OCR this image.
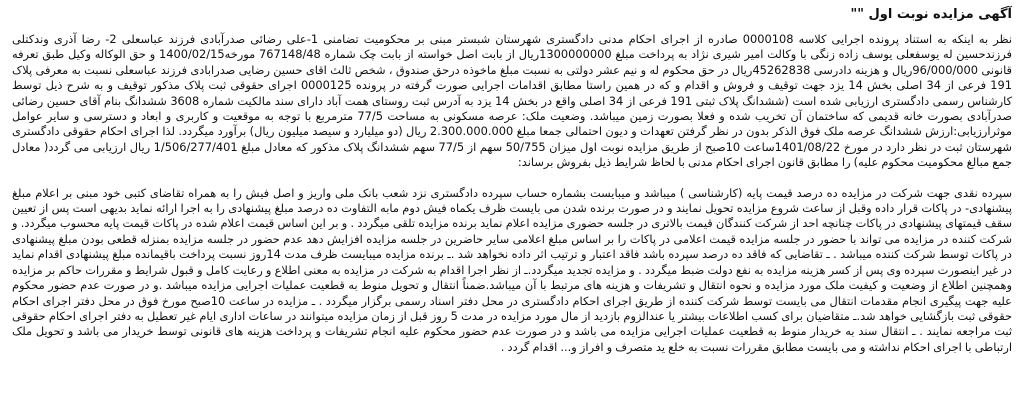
آگهی مزایده نوبت اول ""

نظر به اینکه به استناد پرونده اجرایی کلاسه 0000108 صادره از اجرای احکام مدنی دادگستری شهرستان شبستر مبنی بر محکومیت تضامنی 1-علی رضائی صدرآبادی فرزند عباسعلی 2- رضا آذری وندکتلی فرزندحسین له یوسفعلی یوسف زاده زنگی با وکالت امیر شیری نژاد به پرداخت مبلغ 1300000000ریال از بابت اصل خواسته از بابت چک شماره 767148/48 مورخه1400/02/15 و حق الوکاله وکیل طبق تعرفه قانونی 96/000/000ریال و هزینه دادرسی 45262838ریال در حق محکوم له و نیم عشر دولتی به نسبت مبلغ ماخوذه درحق صندوق ، شخص ثالث اقای حسین رضایی صدرابادی فرزند عباسعلی نسبت به معرفی پلاک 191 فرعی از 34 اصلی بخش 14 یزد جهت توقیف و فروش و اقدام و که در همین راستا مطابق اقدامات اجرایی صورت گرفته در پرونده 0000125 اجرای حقوقی ثبت پلاک مذکور توقیف و به شرح ذیل توسط کارشناس رسمی دادگستری ارزیابی شده است (ششدانگ پلاک ثبتی 191 فرعی از 34 اصلی واقع در بخش 14 یزد به آدرس ثبت روستای همت آباد دارای سند مالکیت شماره 3608 ششدانگ بنام آقای حسین رضائی صدرآبادی بصورت خانه قدیمی که ساختمان آن تخریب شده و فعلا بصورت زمین میباشد. وضعیت ملک: عرصه مسکونی به مساحت 77/5 مترمربع با توجه به موقعیت و کاربری و ابعاد و دسترسی و سایر عوامل موثرارزیابی:ارزش ششدانگ عرصه ملک فوق الذکر بدون در نظر گرفتن تعهدات و دیون احتمالی جمعا مبلغ 2.300.000.000 ریال (دو میلیارد و سیصد میلیون ریال) برآورد میگردد. لذا اجرای احکام حقوقی دادگستری شهرستان ثبت در نظر دارد در مورخ 1401/08/22ساعت 10صبح از طریق مزایده نوبت اول میزان 50/755 سهم از 77/5 سهم ششدانگ پلاک مذکور که معادل مبلغ 1/506/277/401 ریال ارزیابی می گردد( معادل جمع مبالغ محکومیت محکوم علیه) را مطابق قانون اجرای احکام مدنی با لحاظ شرایط ذیل بفروش برساند:

سپرده نقدی جهت شرکت در مزایده ده درصد قیمت پایه (کارشناسی ) میباشد و میبایست بشماره حساب سپرده دادگستری نزد شعب بانک ملی واریز و اصل فیش را به همراه تقاضای کتبی خود مبنی بر اعلام مبلغ پیشنهادی- در پاکات قرار داده وقبل از ساعت شروع مزایده تحویل نمایند و در صورت برنده شدن می بایست ظرف یکماه فیش دوم مابه التفاوت ده درصد مبلغ پیشنهادی را به اجرا ارائه نماید بدیهی است پس از تعیین سقف قیمتهای پیشنهادی در پاکات چنانچه احد از شرکت کنندگان قیمت بالاتری در جلسه حضوری مزایده اعلام نماید برنده مزایده تلقی میگردد . و بر این اساس قیمت اعلام شده در پاکات قیمت پایه محسوب میگردد. و شرکت کننده در مزایده می تواند با حضور در جلسه مزایده قیمت اعلامی در پاکات را بر اساس مبلغ اعلامی سایر حاضرین در جلسه مزایده افزایش دهد عدم حضور در جلسه مزایده بمنزله قطعی بودن مبلغ پیشنهادی در پاکات توسط شرکت کننده میباشد . ـ تقاضایی که فاقد ده درصد سپرده باشد فاقد اعتبار و ترتیب اثر داده نخواهد شد .ـ برنده مزایده میبایست ظرف مدت 14روز نسبت پرداخت باقیمانده مبلغ پیشنهادی اقدام نماید در غیر اینصورت سپرده وی پس از کسر هزینه مزایده به نفع دولت ضبط میگردد . و مزایده تجدید میگردد.ـ از نظر اجرا اقدام به شرکت در مزایده به معنی اطلاع و رعایت کامل و قبول شرایط و مقررات حاکم بر مزایده وهمچنین اطلاع از وضعیت و کیفیت ملک مورد مزایده و نحوه انتقال و تشریفات و هزینه های مرتبط با آن میباشد.ضمناً انتقال و تحویل منوط به قطعیت عملیات اجرایی مزایده میباشد .و در صورت عدم حضور محکوم علیه جهت پیگیری انجام مقدمات انتقال می بایست توسط شرکت کننده از طریق اجرای احکام دادگستری در محل دفتر اسناد رسمی برگزار میگردد . ـ مزایده در ساعت 10صبح مورخ فوق در محل دفتر اجرای احکام حقوقی ثبت بازگشایی خواهد شد.ـ متقاضیان برای کسب اطلاعات بیشتر یا عندالزوم بازدید از مال مورد مزایده در مدت 5 روز قبل از زمان مزایده میتوانند در ساعات اداری ایام غیر تعطیل به دفتر اجرای احکام حقوقی ثبت مراجعه نمایند . ـ انتقال سند به خریدار منوط به قطعیت عملیات اجرایی مزایده می باشد و در صورت عدم حضور محکوم علیه انجام تشریفات و پرداخت هزینه های قانونی توسط خریدار می باشد و تحویل ملک ارتباطی با اجرای احکام نداشته و می بایست مطابق مقررات نسبت به خلع ید متصرف و افراز و... اقدام گردد .
